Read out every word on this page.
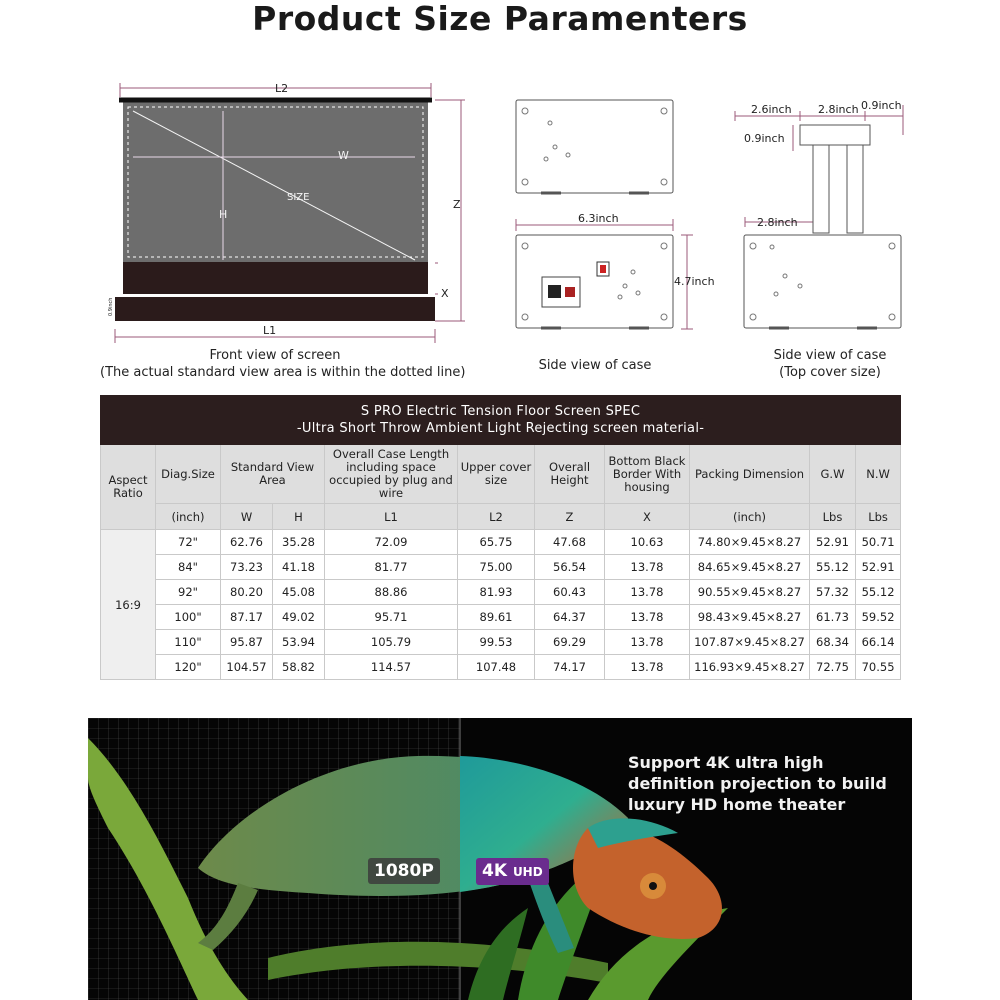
Product Size Paramenters
L2
W
SIZE
H
Z
X
L1
0.9inch
6.3inch
4.7inch
2.6inch 2.8inch 0.9inch
0.9inch
2.8inch
Front view of screen
(The actual standard view area is within the dotted line)	Side view of case
Side view of case
(Top cover size)
S PRO Electric Tension Floor Screen SPEC
-Ultra Short Throw Ambient Light Rejecting screen material-										

Aspect Ratio	Diag.Size	Standard View Area		Overall Case Length including space occupied by plug and wire	Upper cover size	Overall Height	Bottom Black Border With housing	Packing Dimension	G.W	N.W
	(inch)	W	H	L1	L2	Z	X	(inch)	Lbs	Lbs
16:9	72"	62.76	35.28	72.09	65.75	47.68	10.63	74.80×9.45×8.27	52.91	50.71
	84"	73.23	41.18	81.77	75.00	56.54	13.78	84.65×9.45×8.27	55.12	52.91
	92"	80.20	45.08	88.86	81.93	60.43	13.78	90.55×9.45×8.27	57.32	55.12
	100"	87.17	49.02	95.71	89.61	64.37	13.78	98.43×9.45×8.27	61.73	59.52
	110"	95.87	53.94	105.79	99.53	69.29	13.78	107.87×9.45×8.27	68.34	66.14
	120"	104.57	58.82	114.57	107.48	74.17	13.78	116.93×9.45×8.27	72.75	70.55
Support 4K ultra high definition projection to build luxury HD home theater
1080P	4K UHD
